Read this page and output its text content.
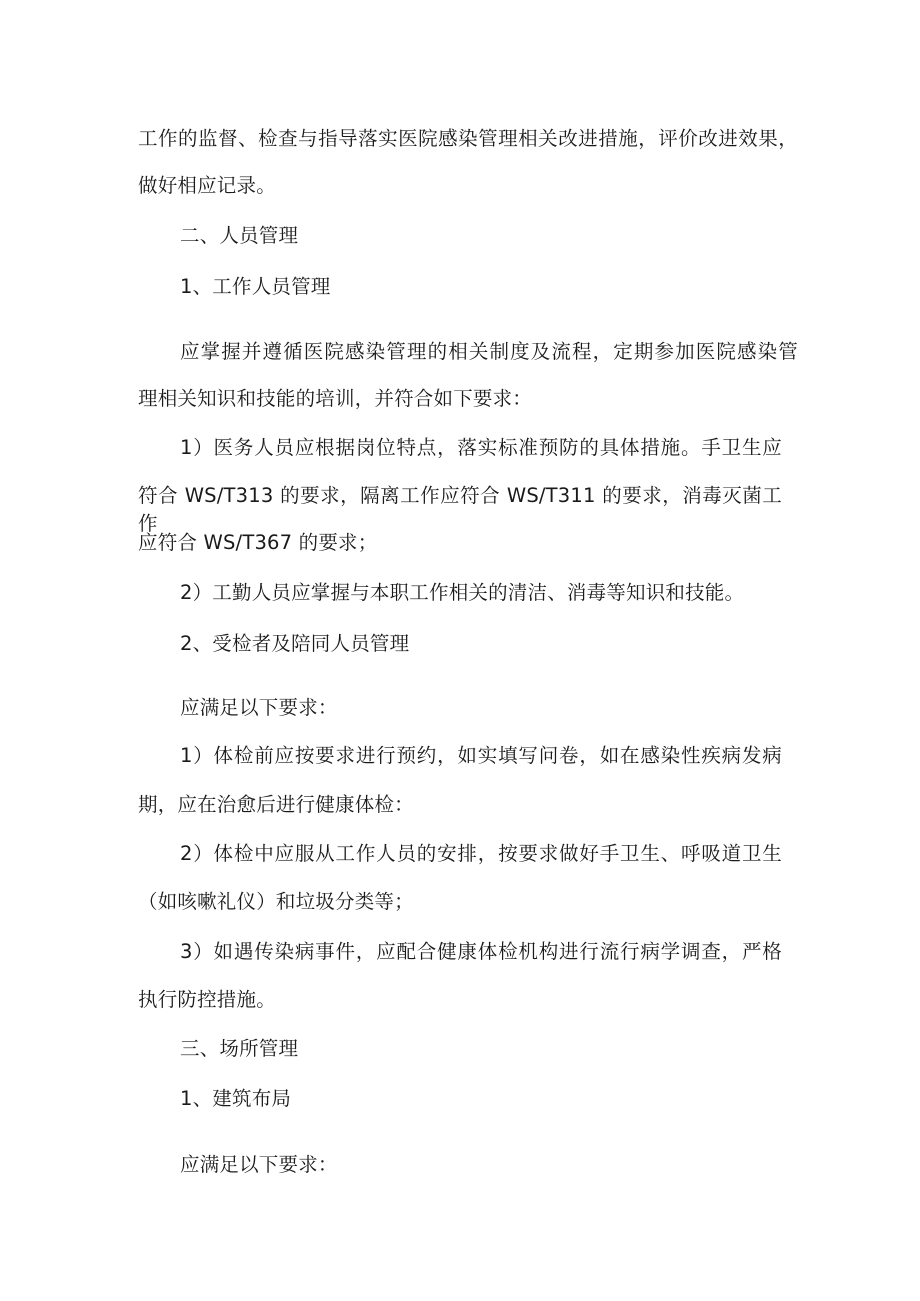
工作的监督、检查与指导落实医院感染管理相关改进措施，评价改进效果，
做好相应记录。
二、人员管理
1、工作人员管理
应掌握并遵循医院感染管理的相关制度及流程，定期参加医院感染管
理相关知识和技能的培训，并符合如下要求：
1）医务人员应根据岗位特点，落实标准预防的具体措施。手卫生应
符合 WS/T313 的要求，隔离工作应符合 WS/T311 的要求，消毒灭菌工作
应符合 WS/T367 的要求；
2）工勤人员应掌握与本职工作相关的清洁、消毒等知识和技能。
2、受检者及陪同人员管理
应满足以下要求：
1）体检前应按要求进行预约，如实填写问卷，如在感染性疾病发病
期，应在治愈后进行健康体检：
2）体检中应服从工作人员的安排，按要求做好手卫生、呼吸道卫生
（如咳嗽礼仪）和垃圾分类等；
3）如遇传染病事件，应配合健康体检机构进行流行病学调查，严格
执行防控措施。
三、场所管理
1、建筑布局
应满足以下要求：
